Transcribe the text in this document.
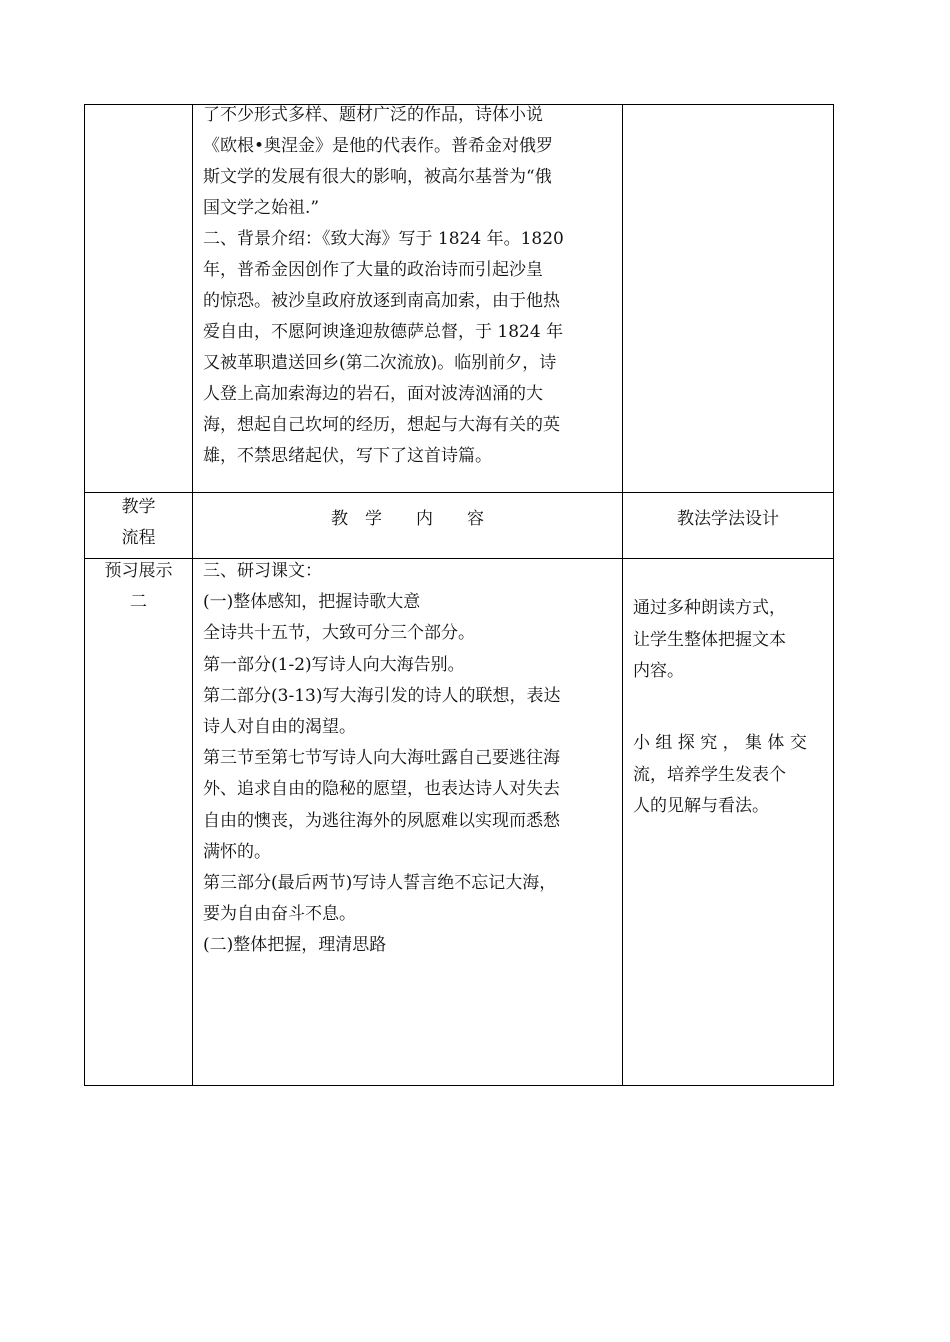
了不少形式多样、题材广泛的作品，诗体小说
《欧根•奥涅金》是他的代表作。普希金对俄罗
斯文学的发展有很大的影响，被高尔基誉为“俄
国文学之始祖.”
二、背景介绍：《致大海》写于 1824 年。1820
年，普希金因创作了大量的政治诗而引起沙皇
的惊恐。被沙皇政府放逐到南高加索，由于他热
爱自由，不愿阿谀逢迎敖德萨总督，于 1824 年
又被革职遣送回乡(第二次流放)。临别前夕，诗
人登上高加索海边的岩石，面对波涛汹涌的大
海，想起自己坎坷的经历，想起与大海有关的英
雄，不禁思绪起伏，写下了这首诗篇。
教学
流程
教　学　　内　　容	教法学法设计
预习展示
二
三、研习课文：
(一)整体感知，把握诗歌大意
全诗共十五节，大致可分三个部分。
第一部分(1-2)写诗人向大海告别。
第二部分(3-13)写大海引发的诗人的联想，表达
诗人对自由的渴望。
第三节至第七节写诗人向大海吐露自己要逃往海
外、追求自由的隐秘的愿望，也表达诗人对失去
自由的懊丧，为逃往海外的夙愿难以实现而悉愁
满怀的。
第三部分(最后两节)写诗人誓言绝不忘记大海，
要为自由奋斗不息。
(二)整体把握，理清思路
通过多种朗读方式，
让学生整体把握文本
内容。
小 组 探 究 ， 集 体 交
流，培养学生发表个
人的见解与看法。
